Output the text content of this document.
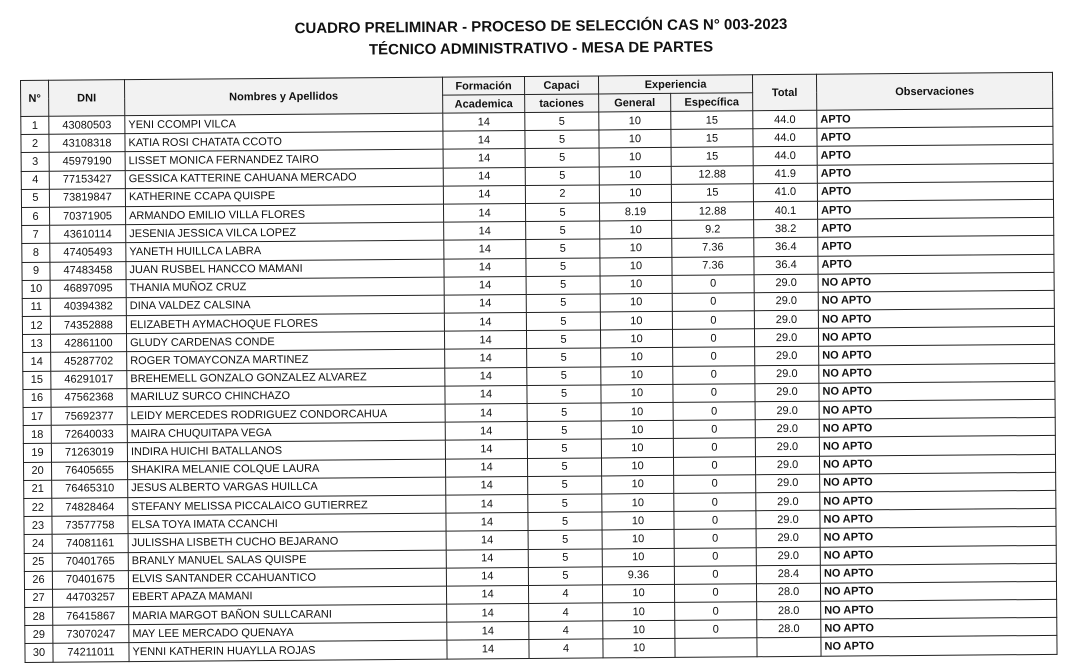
CUADRO PRELIMINAR - PROCESO DE SELECCIÓN CAS N° 003-2023
TÉCNICO ADMINISTRATIVO - MESA DE PARTES
N°	DNI	Nombres y Apellidos	Formación	Capaci	Experiencia		Total	Observaciones
			Academica	taciones	General	Específica		
1	43080503	YENI CCOMPI VILCA	14	5	10	15	44.0	APTO
2	43108318	KATIA ROSI CHATATA CCOTO	14	5	10	15	44.0	APTO
3	45979190	LISSET MONICA FERNANDEZ TAIRO	14	5	10	15	44.0	APTO
4	77153427	GESSICA KATTERINE CAHUANA MERCADO	14	5	10	12.88	41.9	APTO
5	73819847	KATHERINE CCAPA QUISPE	14	2	10	15	41.0	APTO
6	70371905	ARMANDO EMILIO VILLA FLORES	14	5	8.19	12.88	40.1	APTO
7	43610114	JESENIA JESSICA VILCA LOPEZ	14	5	10	9.2	38.2	APTO
8	47405493	YANETH HUILLCA LABRA	14	5	10	7.36	36.4	APTO
9	47483458	JUAN RUSBEL HANCCO MAMANI	14	5	10	7.36	36.4	APTO
10	46897095	THANIA MUÑOZ CRUZ	14	5	10	0	29.0	NO APTO
11	40394382	DINA VALDEZ CALSINA	14	5	10	0	29.0	NO APTO
12	74352888	ELIZABETH AYMACHOQUE FLORES	14	5	10	0	29.0	NO APTO
13	42861100	GLUDY CARDENAS CONDE	14	5	10	0	29.0	NO APTO
14	45287702	ROGER TOMAYCONZA MARTINEZ	14	5	10	0	29.0	NO APTO
15	46291017	BREHEMELL GONZALO GONZALEZ ALVAREZ	14	5	10	0	29.0	NO APTO
16	47562368	MARILUZ SURCO CHINCHAZO	14	5	10	0	29.0	NO APTO
17	75692377	LEIDY MERCEDES RODRIGUEZ CONDORCAHUA	14	5	10	0	29.0	NO APTO
18	72640033	MAIRA CHUQUITAPA VEGA	14	5	10	0	29.0	NO APTO
19	71263019	INDIRA HUICHI BATALLANOS	14	5	10	0	29.0	NO APTO
20	76405655	SHAKIRA MELANIE COLQUE LAURA	14	5	10	0	29.0	NO APTO
21	76465310	JESUS ALBERTO VARGAS HUILLCA	14	5	10	0	29.0	NO APTO
22	74828464	STEFANY MELISSA PICCALAICO GUTIERREZ	14	5	10	0	29.0	NO APTO
23	73577758	ELSA TOYA IMATA CCANCHI	14	5	10	0	29.0	NO APTO
24	74081161	JULISSHA LISBETH CUCHO BEJARANO	14	5	10	0	29.0	NO APTO
25	70401765	BRANLY MANUEL SALAS QUISPE	14	5	10	0	29.0	NO APTO
26	70401675	ELVIS SANTANDER CCAHUANTICO	14	5	9.36	0	28.4	NO APTO
27	44703257	EBERT APAZA MAMANI	14	4	10	0	28.0	NO APTO
28	76415867	MARIA MARGOT BAÑON SULLCARANI	14	4	10	0	28.0	NO APTO
29	73070247	MAY LEE MERCADO QUENAYA	14	4	10	0	28.0	NO APTO
30	74211011	YENNI KATHERIN HUAYLLA ROJAS	14	4	10			NO APTO
